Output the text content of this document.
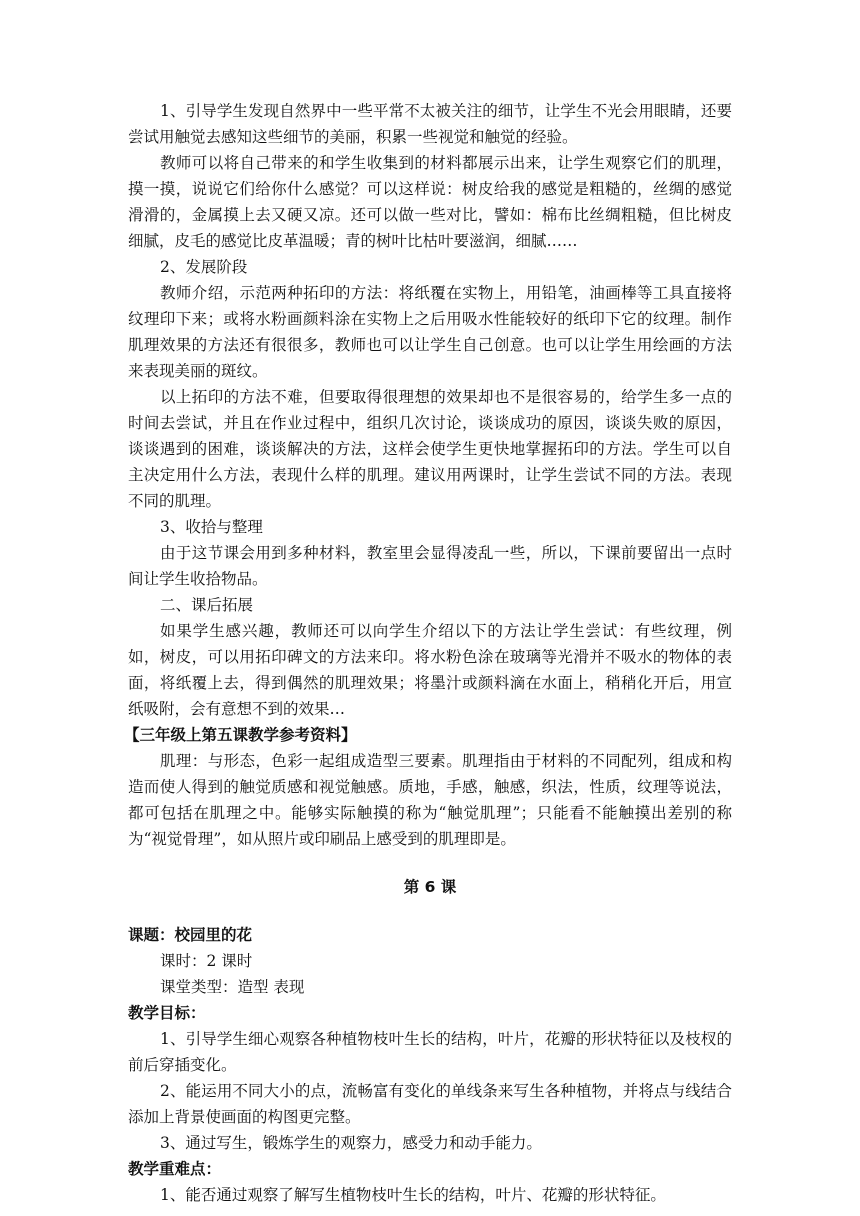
1、引导学生发现自然界中一些平常不太被关注的细节，让学生不光会用眼睛，还要尝试用触觉去感知这些细节的美丽，积累一些视觉和触觉的经验。

教师可以将自己带来的和学生收集到的材料都展示出来，让学生观察它们的肌理，摸一摸，说说它们给你什么感觉？可以这样说：树皮给我的感觉是粗糙的，丝绸的感觉滑滑的，金属摸上去又硬又凉。还可以做一些对比，譬如：棉布比丝绸粗糙，但比树皮细腻，皮毛的感觉比皮革温暖；青的树叶比枯叶要滋润，细腻……

2、发展阶段

教师介绍，示范两种拓印的方法：将纸覆在实物上，用铅笔，油画棒等工具直接将纹理印下来；或将水粉画颜料涂在实物上之后用吸水性能较好的纸印下它的纹理。制作肌理效果的方法还有很很多，教师也可以让学生自己创意。也可以让学生用绘画的方法来表现美丽的斑纹。

以上拓印的方法不难，但要取得很理想的效果却也不是很容易的，给学生多一点的时间去尝试，并且在作业过程中，组织几次讨论，谈谈成功的原因，谈谈失败的原因，谈谈遇到的困难，谈谈解决的方法，这样会使学生更快地掌握拓印的方法。学生可以自主决定用什么方法，表现什么样的肌理。建议用两课时，让学生尝试不同的方法。表现不同的肌理。

3、收拾与整理

由于这节课会用到多种材料，教室里会显得凌乱一些，所以，下课前要留出一点时间让学生收拾物品。

二、课后拓展

如果学生感兴趣，教师还可以向学生介绍以下的方法让学生尝试：有些纹理，例如，树皮，可以用拓印碑文的方法来印。将水粉色涂在玻璃等光滑并不吸水的物体的表面，将纸覆上去，得到偶然的肌理效果；将墨汁或颜料滴在水面上，稍稍化开后，用宣纸吸附，会有意想不到的效果…

【三年级上第五课教学参考资料】

肌理：与形态，色彩一起组成造型三要素。肌理指由于材料的不同配列，组成和构造而使人得到的触觉质感和视觉触感。质地，手感，触感，织法，性质，纹理等说法，都可包括在肌理之中。能够实际触摸的称为“触觉肌理”；只能看不能触摸出差别的称为“视觉骨理”，如从照片或印刷品上感受到的肌理即是。

第 6 课

课题：校园里的花

课时：2 课时

课堂类型：造型 表现

教学目标：

1、引导学生细心观察各种植物枝叶生长的结构，叶片，花瓣的形状特征以及枝杈的前后穿插变化。

2、能运用不同大小的点，流畅富有变化的单线条来写生各种植物，并将点与线结合添加上背景使画面的构图更完整。

3、通过写生，锻炼学生的观察力，感受力和动手能力。

教学重难点：

1、能否通过观察了解写生植物枝叶生长的结构，叶片、花瓣的形状特征。
